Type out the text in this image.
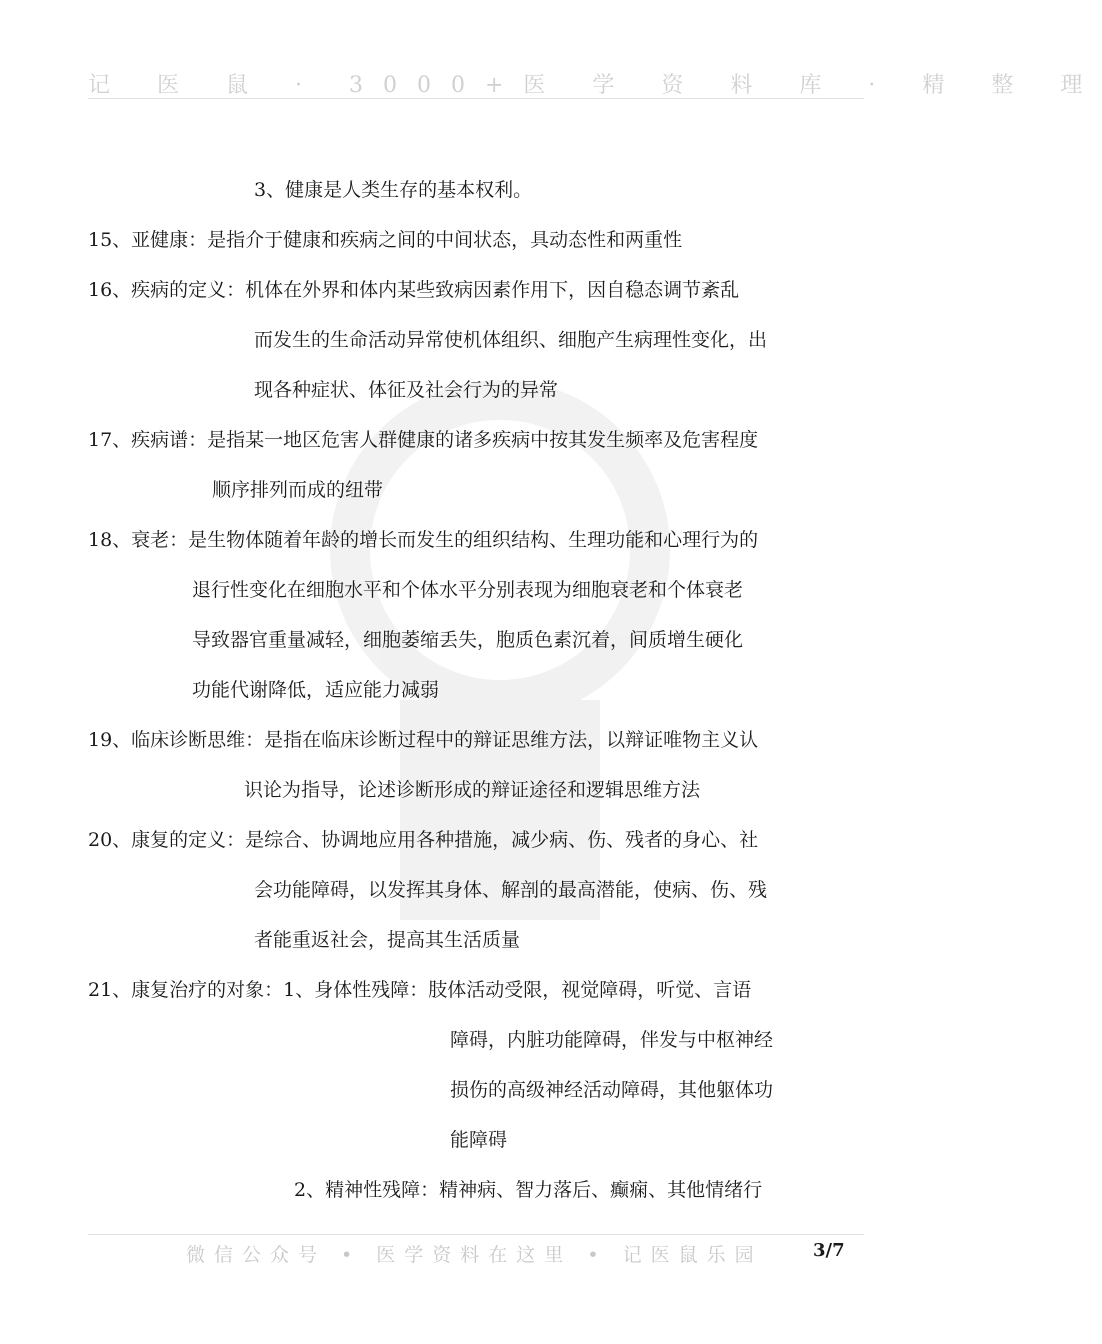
记 医 鼠 · 3000+医 学 资 料 库 · 精 整 理
3、健康是人类生存的基本权利。
15、亚健康：是指介于健康和疾病之间的中间状态，具动态性和两重性
16、疾病的定义：机体在外界和体内某些致病因素作用下，因自稳态调节紊乱
而发生的生命活动异常使机体组织、细胞产生病理性变化，出
现各种症状、体征及社会行为的异常
17、疾病谱：是指某一地区危害人群健康的诸多疾病中按其发生频率及危害程度
顺序排列而成的纽带
18、衰老：是生物体随着年龄的增长而发生的组织结构、生理功能和心理行为的
退行性变化在细胞水平和个体水平分别表现为细胞衰老和个体衰老
导致器官重量减轻，细胞萎缩丢失，胞质色素沉着，间质增生硬化
功能代谢降低，适应能力减弱
19、临床诊断思维：是指在临床诊断过程中的辩证思维方法，以辩证唯物主义认
识论为指导，论述诊断形成的辩证途径和逻辑思维方法
20、康复的定义：是综合、协调地应用各种措施，减少病、伤、残者的身心、社
会功能障碍，以发挥其身体、解剖的最高潜能，使病、伤、残
者能重返社会，提高其生活质量
21、康复治疗的对象：1、身体性残障：肢体活动受限，视觉障碍，听觉、言语
障碍，内脏功能障碍，伴发与中枢神经
损伤的高级神经活动障碍，其他躯体功
能障碍
2、精神性残障：精神病、智力落后、癫痫、其他情绪行
微信公众号 • 医学资料在这里 • 记医鼠乐园	3/7
